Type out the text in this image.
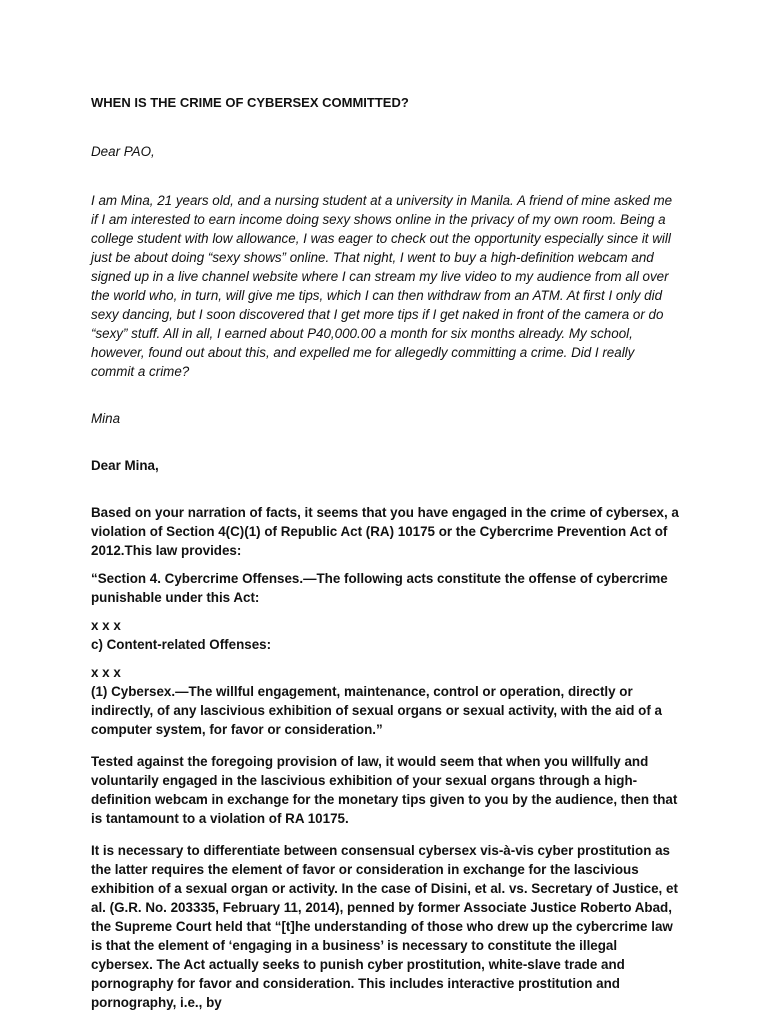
WHEN IS THE CRIME OF CYBERSEX COMMITTED?

Dear PAO,

I am Mina, 21 years old, and a nursing student at a university in Manila. A friend of mine asked me if I am interested to earn income doing sexy shows online in the privacy of my own room. Being a college student with low allowance, I was eager to check out the opportunity especially since it will just be about doing “sexy shows” online. That night, I went to buy a high-definition webcam and signed up in a live channel website where I can stream my live video to my audience from all over the world who, in turn, will give me tips, which I can then withdraw from an ATM. At first I only did sexy dancing, but I soon discovered that I get more tips if I get naked in front of the camera or do “sexy” stuff. All in all, I earned about P40,000.00 a month for six months already. My school, however, found out about this, and expelled me for allegedly committing a crime. Did I really commit a crime?

Mina

Dear Mina,

Based on your narration of facts, it seems that you have engaged in the crime of cybersex, a violation of Section 4(C)(1) of Republic Act (RA) 10175 or the Cybercrime Prevention Act of 2012.This law provides:

“Section 4. Cybercrime Offenses.—The following acts constitute the offense of cybercrime punishable under this Act:

x x x

c) Content-related Offenses:

x x x

(1) Cybersex.—The willful engagement, maintenance, control or operation, directly or indirectly, of any lascivious exhibition of sexual organs or sexual activity, with the aid of a computer system, for favor or consideration.”

Tested against the foregoing provision of law, it would seem that when you willfully and voluntarily engaged in the lascivious exhibition of your sexual organs through a high-definition webcam in exchange for the monetary tips given to you by the audience, then that is tantamount to a violation of RA 10175.

It is necessary to differentiate between consensual cybersex vis-à-vis cyber prostitution as the latter requires the element of favor or consideration in exchange for the lascivious exhibition of a sexual organ or activity. In the case of Disini, et al. vs. Secretary of Justice, et al. (G.R. No. 203335, February 11, 2014), penned by former Associate Justice Roberto Abad, the Supreme Court held that “[t]he understanding of those who drew up the cybercrime law is that the element of ‘engaging in a business’ is necessary to constitute the illegal cybersex. The Act actually seeks to punish cyber prostitution, white-slave trade and pornography for favor and consideration. This includes interactive prostitution and pornography, i.e., by
